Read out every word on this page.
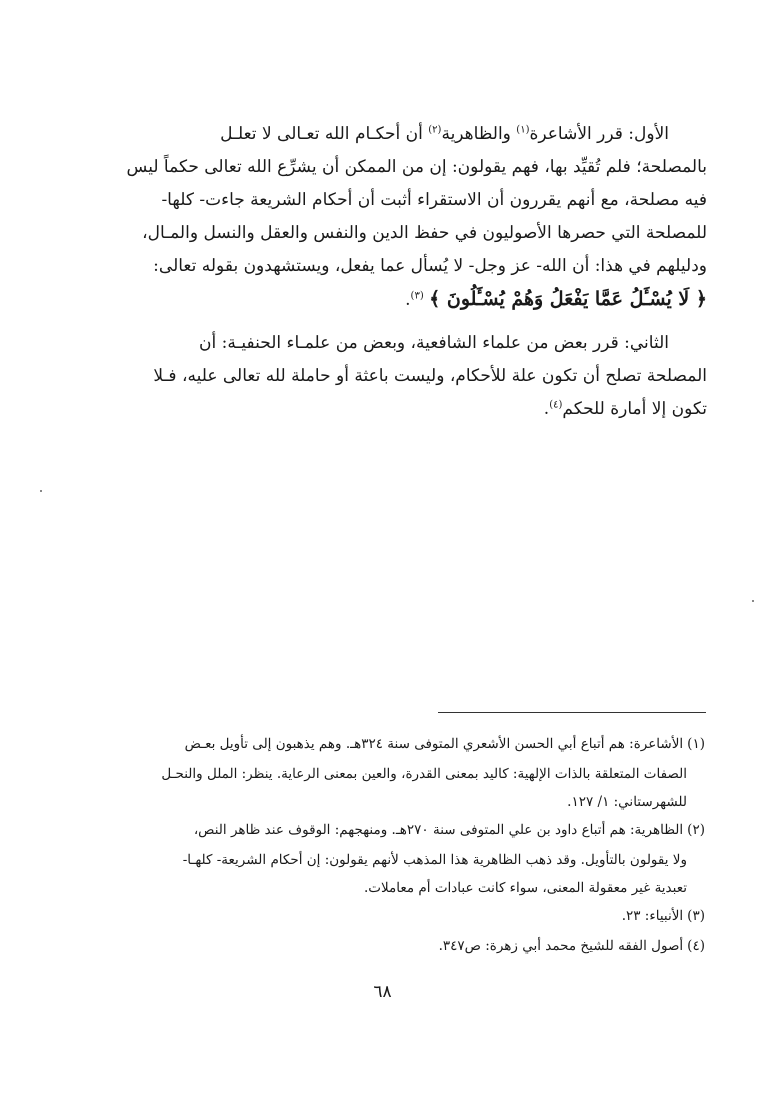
الأول: قرر الأشاعرة$^{(١)}$ والظاهرية$^{(٢)}$ أن أحكـام الله تعـالى لا تعلـل

بالمصلحة؛ فلم تُقيِّد بها، فهم يقولون: إن من الممكن أن يشرِّع الله تعالى حكماً ليس

فيه مصلحة، مع أنهم يقررون أن الاستقراء أثبت أن أحكام الشريعة جاءت- كلها-

للمصلحة التي حصرها الأصوليون في حفظ الدين والنفس والعقل والنسل والمـال،

ودليلهم في هذا: أن الله- عز وجل- لا يُسأل عما يفعل، ويستشهدون بقوله تعالى:

﴿ لَا يُسْـَٔلُ عَمَّا يَفْعَلُ وَهُمْ يُسْـَٔلُونَ ﴾ $^{(٣)}$.

الثاني: قرر بعض من علماء الشافعية، وبعض من علمـاء الحنفيـة: أن

المصلحة تصلح أن تكون علة للأحكام، وليست باعثة أو حاملة لله تعالى عليه، فـلا

تكون إلا أمارة للحكم$^{(٤)}$.

(١)الأشاعرة: هم أتباع أبي الحسن الأشعري المتوفى سنة ٣٢٤هـ. وهم يذهبون إلى تأويل بعـض

الصفات المتعلقة بالذات الإلهية: كاليد بمعنى القدرة، والعين بمعنى الرعاية. ينظر: الملل والنحـل

للشهرستاني: ١/ ١٢٧.

(٢)الظاهرية: هم أتباع داود بن علي المتوفى سنة ٢٧٠هـ. ومنهجهم: الوقوف عند ظاهر النص،

ولا يقولون بالتأويل. وقد ذهب الظاهرية هذا المذهب لأنهم يقولون: إن أحكام الشريعة- كلهـا-

تعبدية غير معقولة المعنى، سواء كانت عبادات أم معاملات.

(٣)الأنبياء: ٢٣.

(٤)أصول الفقه للشيخ محمد أبي زهرة: ص٣٤٧.

٦٨
